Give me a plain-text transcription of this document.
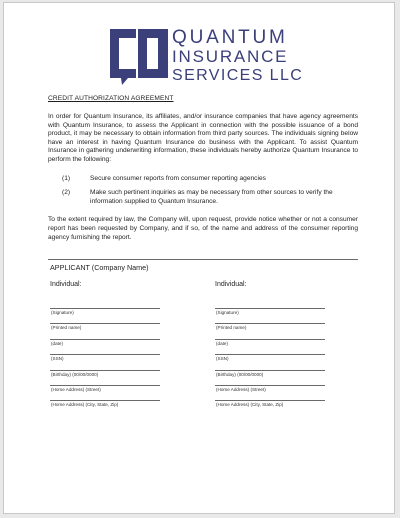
QUANTUM
INSURANCE
SERVICES LLC
CREDIT AUTHORIZATION AGREEMENT

In order for Quantum Insurance, its affiliates, and/or insurance companies that have agency agreements with Quantum Insurance, to assess the Applicant in connection with the possible issuance of a bond product, it may be necessary to obtain information from third party sources. The individuals signing below have an interest in having Quantum Insurance do business with the Applicant. To assist Quantum Insurance in gathering underwriting information, these individuals hereby authorize Quantum Insurance to perform the following:

(1)	Secure consumer reports from consumer reporting agencies
(2)	Make such pertinent inquiries as may be necessary from other sources to verify the information supplied to Quantum Insurance.

To the extent required by law, the Company will, upon request, provide notice whether or not a consumer report has been requested by Company, and if so, of the name and address of the consumer reporting agency furnishing the report.

APPLICANT (Company Name)
Individual:
(Signature)
(Printed name)
(date)
(SSN)
(Birthday) (00/00/0000)
(Home Address) (Street)
(Home Address) (City, State, Zip)
Individual:
(Signature)
(Printed name)
(date)
(SSN)
(Birthday) (00/00/0000)
(Home Address) (Street)
(Home Address) (City, State, Zip)
